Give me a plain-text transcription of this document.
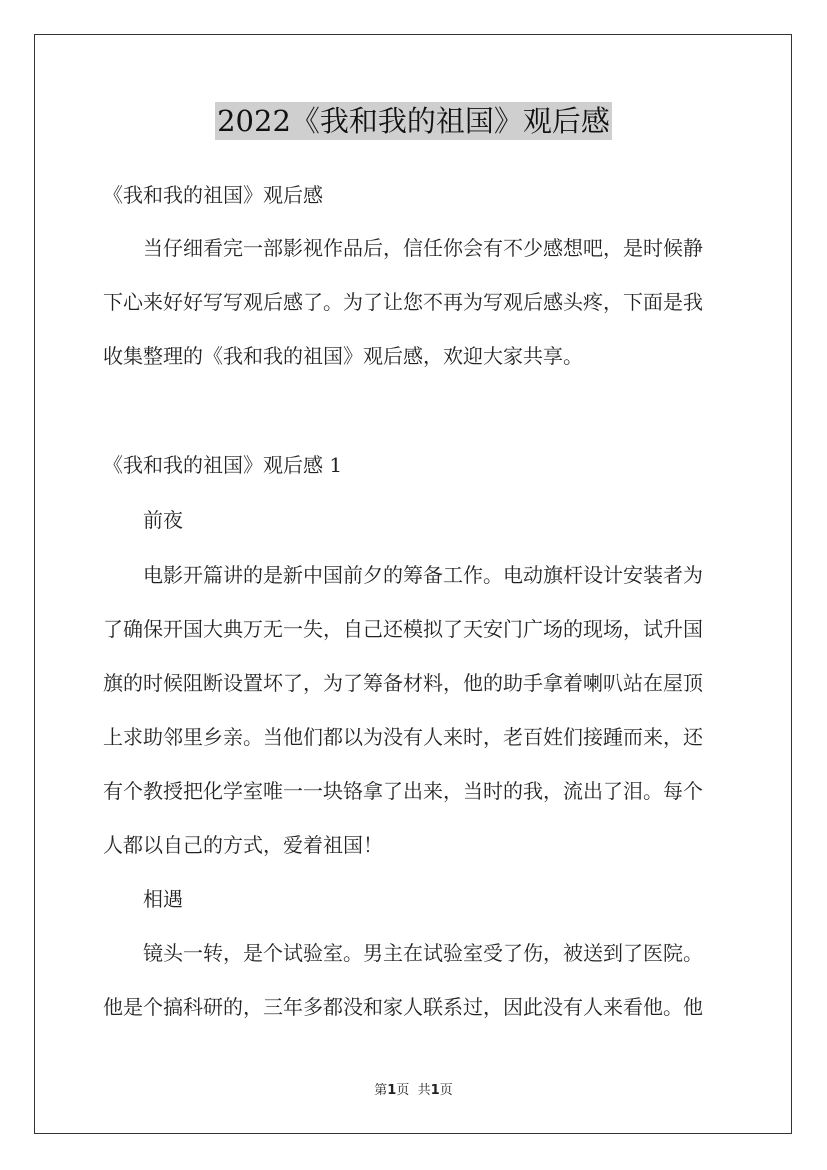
2022《我和我的祖国》观后感
《我和我的祖国》观后感
当仔细看完一部影视作品后，信任你会有不少感想吧，是时候静
下心来好好写写观后感了。为了让您不再为写观后感头疼，下面是我
收集整理的《我和我的祖国》观后感，欢迎大家共享。
《我和我的祖国》观后感 1
前夜
电影开篇讲的是新中国前夕的筹备工作。电动旗杆设计安装者为
了确保开国大典万无一失，自己还模拟了天安门广场的现场，试升国
旗的时候阻断设置坏了，为了筹备材料，他的助手拿着喇叭站在屋顶
上求助邻里乡亲。当他们都以为没有人来时，老百姓们接踵而来，还
有个教授把化学室唯一一块铬拿了出来，当时的我，流出了泪。每个
人都以自己的方式，爱着祖国！
相遇
镜头一转，是个试验室。男主在试验室受了伤，被送到了医院。
他是个搞科研的，三年多都没和家人联系过，因此没有人来看他。他
第1页 共1页
